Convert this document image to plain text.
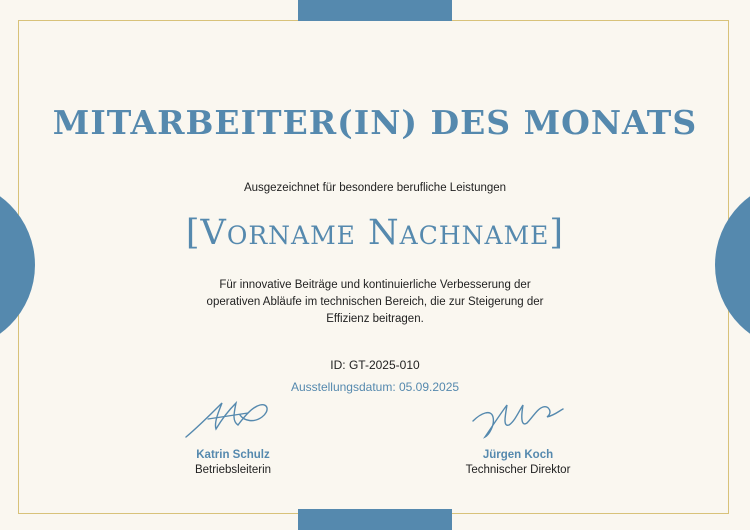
MITARBEITER(IN) DES MONATS
Ausgezeichnet für besondere berufliche Leistungen
[Vorname Nachname]
Für innovative Beiträge und kontinuierliche Verbesserung der operativen Abläufe im technischen Bereich, die zur Steigerung der Effizienz beitragen.
ID: GT-2025-010
Ausstellungsdatum: 05.09.2025
Katrin Schulz
Betriebsleiterin
Jürgen Koch
Technischer Direktor
